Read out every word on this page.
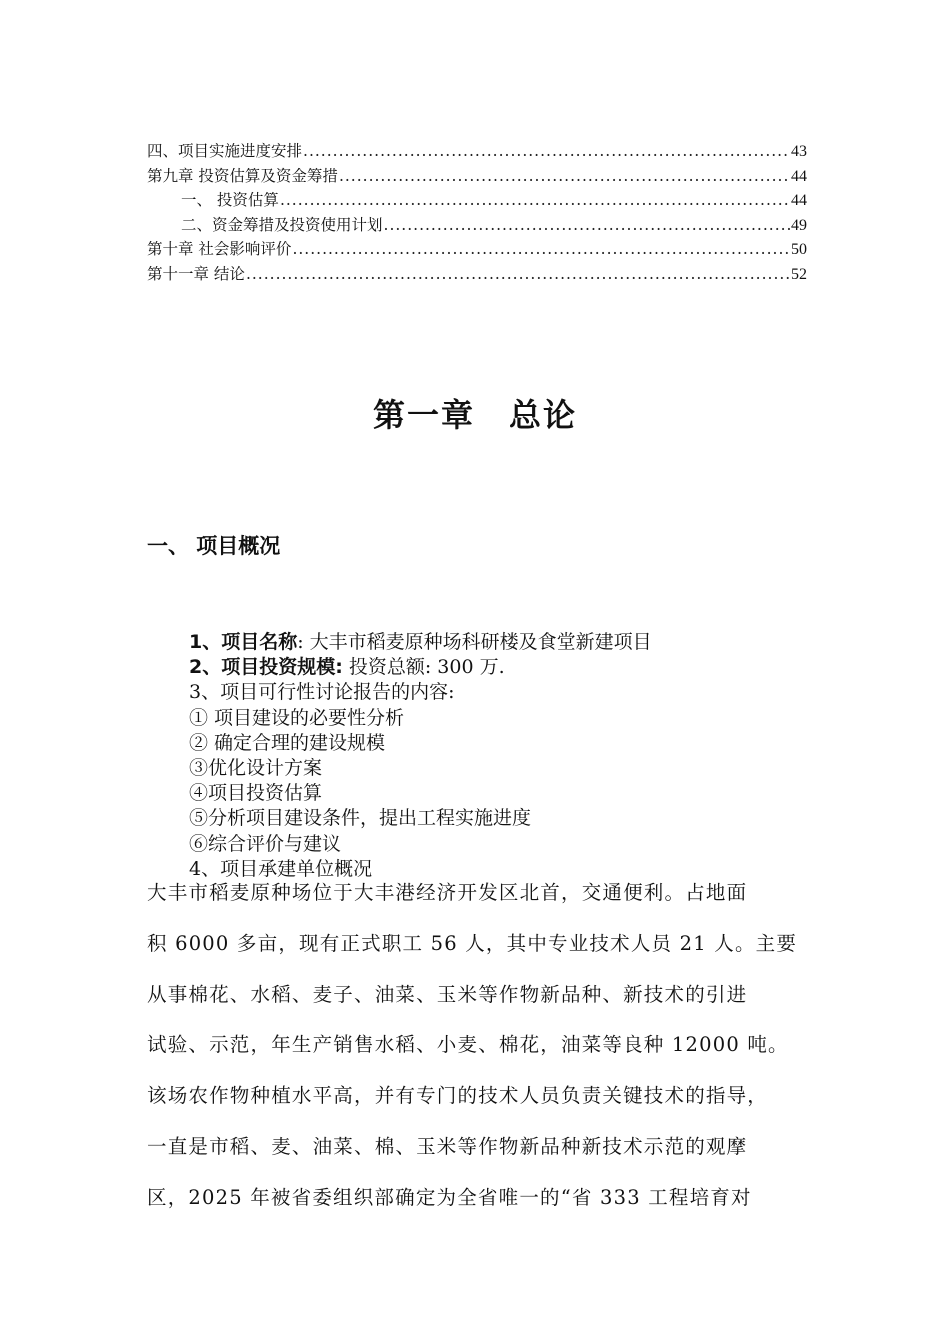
四、项目实施进度安排 .....	43
第九章 投资估算及资金筹措 .....	44
一、 投资估算 .....	44
二、资金筹措及投资使用计划 .....	49
第十章 社会影响评价 .....	50
第十一章 结论 .....	52
第一章　总论
一、 项目概况
1、项目名称: 大丰市稻麦原种场科研楼及食堂新建项目
2、项目投资规模: 投资总额: 300 万.
3、项目可行性讨论报告的内容:
① 项目建设的必要性分析
② 确定合理的建设规模
③优化设计方案
④项目投资估算
⑤分析项目建设条件，提出工程实施进度
⑥综合评价与建议
4、项目承建单位概况
大丰市稻麦原种场位于大丰港经济开发区北首，交通便利。占地面
积 6000 多亩，现有正式职工 56 人，其中专业技术人员 21 人。主要
从事棉花、水稻、麦子、油菜、玉米等作物新品种、新技术的引进
试验、示范，年生产销售水稻、小麦、棉花，油菜等良种 12000 吨。
该场农作物种植水平高，并有专门的技术人员负责关键技术的指导，
一直是市稻、麦、油菜、棉、玉米等作物新品种新技术示范的观摩
区，2025 年被省委组织部确定为全省唯一的“省 333 工程培育对
